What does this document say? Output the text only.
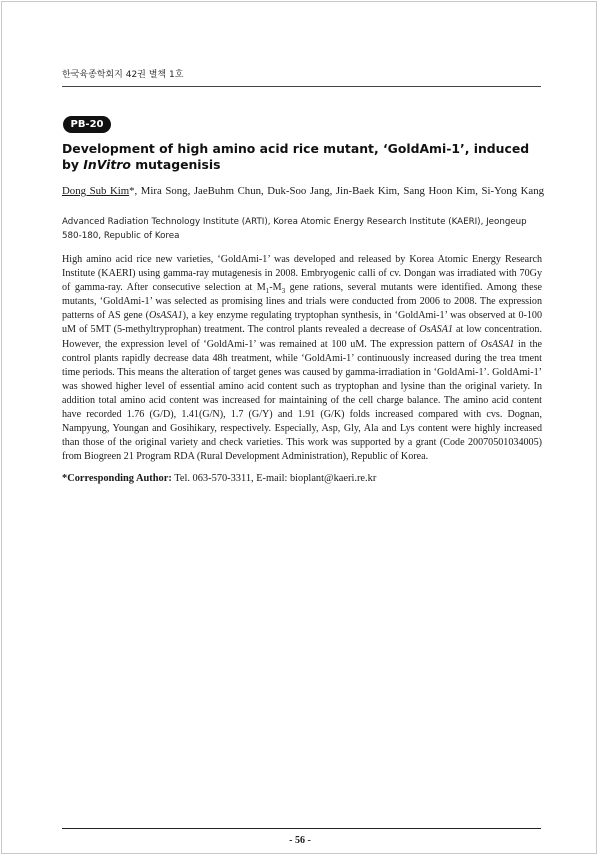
한국육종학회지 42권 별책 1호
PB-20
Development of high amino acid rice mutant, ‘GoldAmi-1’, induced by InVitro mutagenisis
Dong Sub Kim*, Mira Song, JaeBuhm Chun, Duk-Soo Jang, Jin-Baek Kim, Sang Hoon Kim, Si-Yong Kang
Advanced Radiation Technology Institute (ARTI), Korea Atomic Energy Research Institute (KAERI), Jeongeup 580-180, Republic of Korea

High amino acid rice new varieties, ‘GoldAmi-1’ was developed and released by Korea Atomic Energy Research Institute (KAERI) using gamma-ray mutagenesis in 2008. Embryogenic calli of cv. Dongan was irradiated with 70Gy of gamma-ray. After consecutive selection at $M_1-M_3$ gene rations, several mutants were identified. Among these mutants, ‘GoldAmi-1’ was selected as promising lines and trials were conducted from 2006 to 2008. The expression patterns of AS gene (OsASA1), a key enzyme regulating tryptophan synthesis, in ‘GoldAmi-1’ was observed at 0-100 uM of 5MT (5-methyltryprophan) treatment. The control plants revealed a decrease of OsASA1 at low concentration. However, the expression level of ‘GoldAmi-1’ was remained at 100 uM. The expression pattern of OsASA1 in the control plants rapidly decrease data 48h treatment, while ‘GoldAmi-1’ continuously increased during the trea tment time periods. This means the alteration of target genes was caused by gamma-irradiation in ‘GoldAmi-1’. GoldAmi-1’ was showed higher level of essential amino acid content such as tryptophan and lysine than the original variety. In addition total amino acid content was increased for maintaining of the cell charge balance. The amino acid content have recorded 1.76 (G/D), 1.41(G/N), 1.7 (G/Y) and 1.91 (G/K) folds increased compared with cvs. Dognan, Nampyung, Youngan and Gosihikary, respectively. Especially, Asp, Gly, Ala and Lys content were highly increased than those of the original variety and check varieties. This work was supported by a grant (Code 20070501034005) from Biogreen 21 Program RDA (Rural Development Administration), Republic of Korea.

*Corresponding Author: Tel. 063-570-3311, E-mail: bioplant@kaeri.re.kr
- 56 -
